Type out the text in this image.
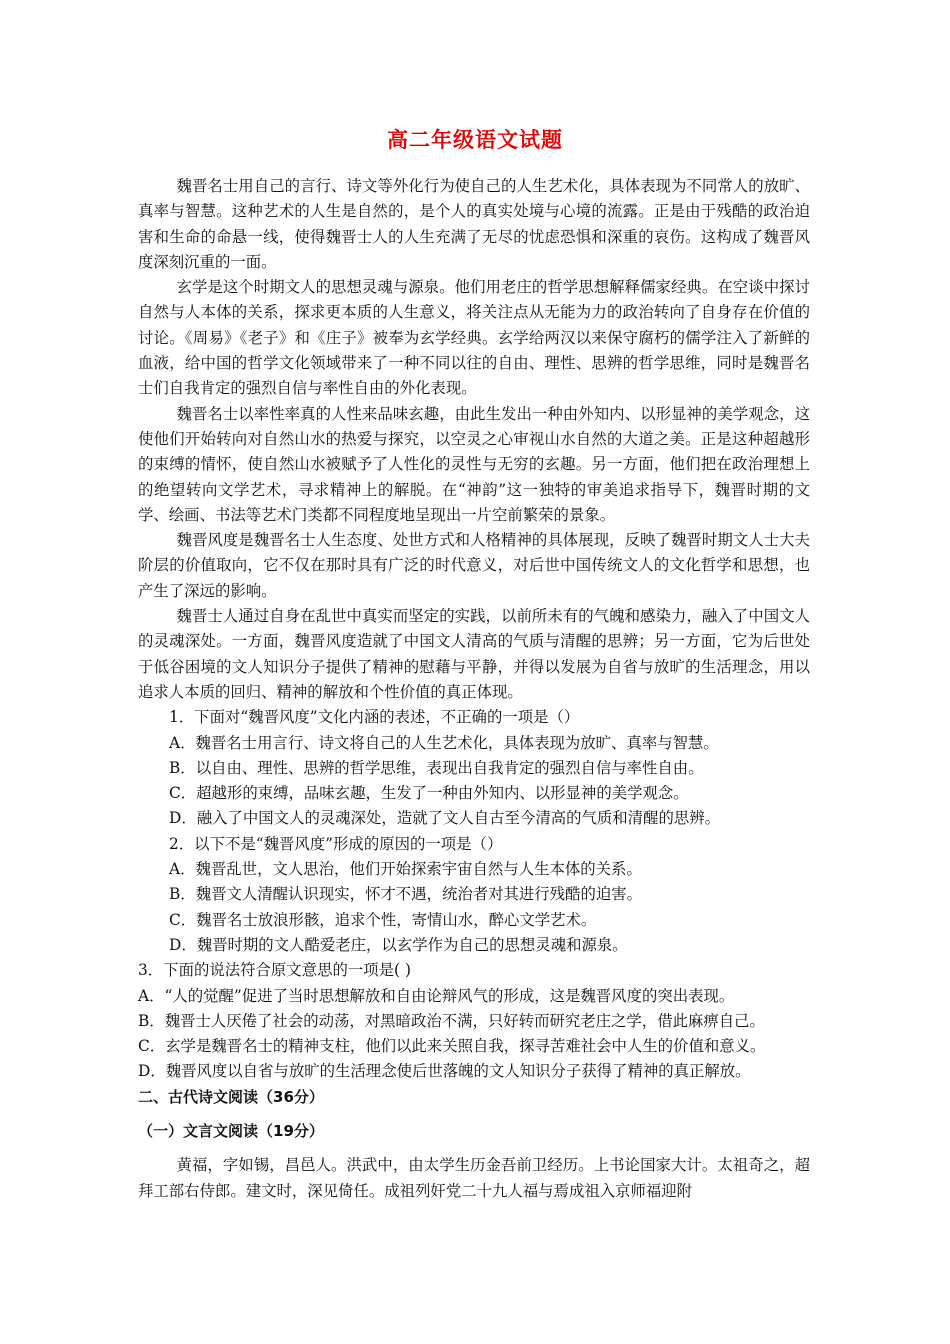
高二年级语文试题

魏晋名士用自己的言行、诗文等外化行为使自己的人生艺术化，具体表现为不同常人的放旷、真率与智慧。这种艺术的人生是自然的，是个人的真实处境与心境的流露。正是由于残酷的政治迫害和生命的命悬一线，使得魏晋士人的人生充满了无尽的忧虑恐惧和深重的哀伤。这构成了魏晋风度深刻沉重的一面。

玄学是这个时期文人的思想灵魂与源泉。他们用老庄的哲学思想解释儒家经典。在空谈中探讨自然与人本体的关系，探求更本质的人生意义，将关注点从无能为力的政治转向了自身存在价值的讨论。《周易》《老子》和《庄子》被奉为玄学经典。玄学给两汉以来保守腐朽的儒学注入了新鲜的血液，给中国的哲学文化领域带来了一种不同以往的自由、理性、思辨的哲学思维，同时是魏晋名士们自我肯定的强烈自信与率性自由的外化表现。

魏晋名士以率性率真的人性来品味玄趣，由此生发出一种由外知内、以形显神的美学观念，这使他们开始转向对自然山水的热爱与探究，以空灵之心审视山水自然的大道之美。正是这种超越形的束缚的情怀，使自然山水被赋予了人性化的灵性与无穷的玄趣。另一方面，他们把在政治理想上的绝望转向文学艺术，寻求精神上的解脱。在“神韵”这一独特的审美追求指导下，魏晋时期的文学、绘画、书法等艺术门类都不同程度地呈现出一片空前繁荣的景象。

魏晋风度是魏晋名士人生态度、处世方式和人格精神的具体展现，反映了魏晋时期文人士大夫阶层的价值取向，它不仅在那时具有广泛的时代意义，对后世中国传统文人的文化哲学和思想，也产生了深远的影响。

魏晋士人通过自身在乱世中真实而坚定的实践，以前所未有的气魄和感染力，融入了中国文人的灵魂深处。一方面，魏晋风度造就了中国文人清高的气质与清醒的思辨；另一方面，它为后世处于低谷困境的文人知识分子提供了精神的慰藉与平静，并得以发展为自省与放旷的生活理念，用以追求人本质的回归、精神的解放和个性价值的真正体现。

1．下面对“魏晋风度”文化内涵的表述，不正确的一项是（）

A．魏晋名士用言行、诗文将自己的人生艺术化，具体表现为放旷、真率与智慧。

B．以自由、理性、思辨的哲学思维，表现出自我肯定的强烈自信与率性自由。

C．超越形的束缚，品味玄趣，生发了一种由外知内、以形显神的美学观念。

D．融入了中国文人的灵魂深处，造就了文人自古至今清高的气质和清醒的思辨。

2．以下不是“魏晋风度”形成的原因的一项是（）

A．魏晋乱世，文人思治，他们开始探索宇宙自然与人生本体的关系。

B．魏晋文人清醒认识现实，怀才不遇，统治者对其进行残酷的迫害。

C．魏晋名士放浪形骸，追求个性，寄情山水，醉心文学艺术。

D．魏晋时期的文人酷爱老庄，以玄学作为自己的思想灵魂和源泉。

3．下面的说法符合原文意思的一项是( )

A．“人的觉醒”促进了当时思想解放和自由论辩风气的形成，这是魏晋风度的突出表现。

B．魏晋士人厌倦了社会的动荡，对黑暗政治不满，只好转而研究老庄之学，借此麻痹自己。

C．玄学是魏晋名士的精神支柱，他们以此来关照自我，探寻苦难社会中人生的价值和意义。

D．魏晋风度以自省与放旷的生活理念使后世落魄的文人知识分子获得了精神的真正解放。

二、古代诗文阅读（36分）

（一）文言文阅读（19分）

黄福，字如锡，昌邑人。洪武中，由太学生历金吾前卫经历。上书论国家大计。太祖奇之，超拜工部右侍郎。建文时，深见倚任。成祖列奸党二十九人福与焉成祖入京师福迎附
